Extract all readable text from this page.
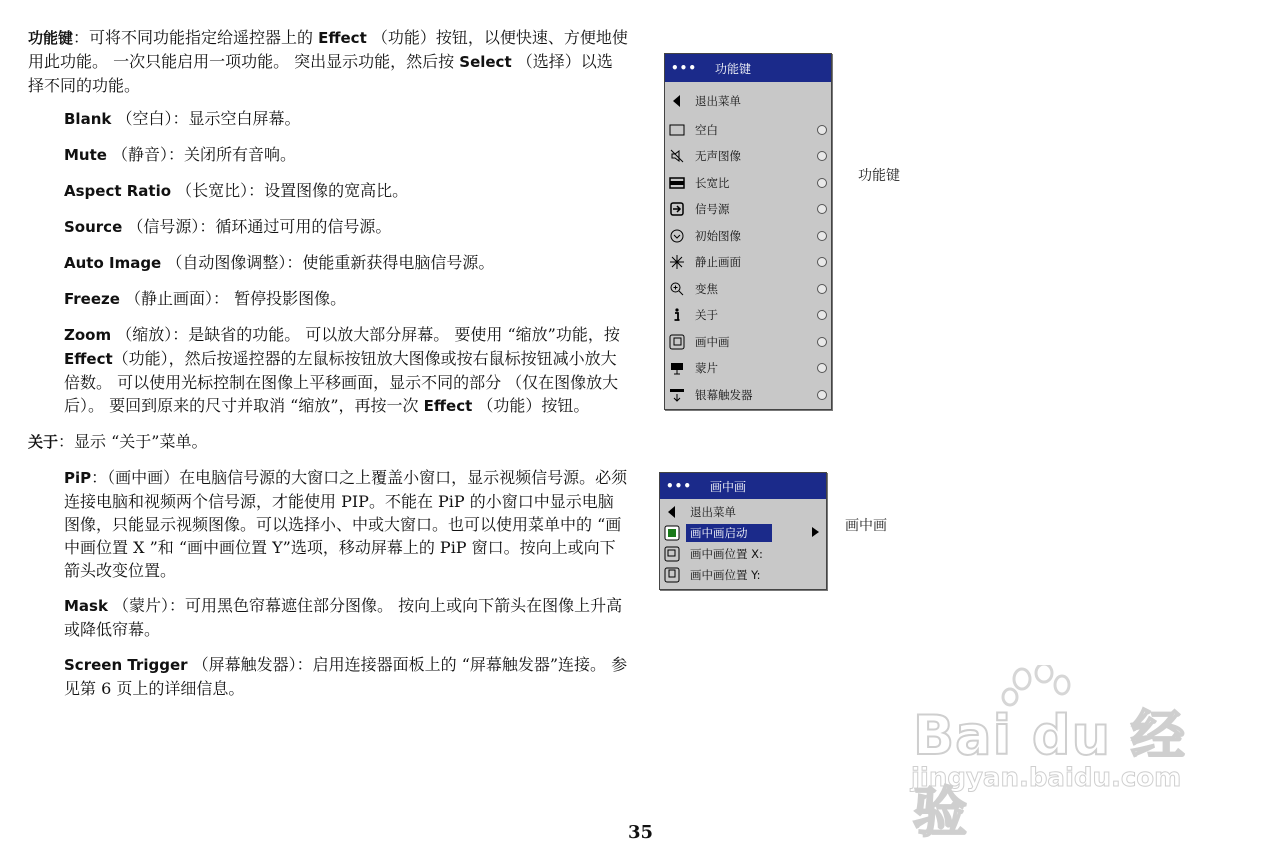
功能键：可将不同功能指定给遥控器上的 Effect （功能）按钮，以便快速、方便地使用此功能。 一次只能启用一项功能。 突出显示功能，然后按 Select （选择）以选择不同的功能。

Blank （空白）：显示空白屏幕。

Mute （静音）：关闭所有音响。

Aspect Ratio （长宽比）：设置图像的宽高比。

Source （信号源）：循环通过可用的信号源。

Auto Image （自动图像调整）：使能重新获得电脑信号源。

Freeze （静止画面）： 暂停投影图像。

Zoom （缩放）：是缺省的功能。 可以放大部分屏幕。 要使用 “缩放”功能，按 Effect（功能），然后按遥控器的左鼠标按钮放大图像或按右鼠标按钮减小放大倍数。 可以使用光标控制在图像上平移画面，显示不同的部分 （仅在图像放大后）。 要回到原来的尺寸并取消 “缩放”，再按一次 Effect （功能）按钮。

关于：显示 “关于”菜单。

PiP：（画中画）在电脑信号源的大窗口之上覆盖小窗口，显示视频信号源。必须连接电脑和视频两个信号源，才能使用 PIP。不能在 PiP 的小窗口中显示电脑图像，只能显示视频图像。可以选择小、中或大窗口。也可以使用菜单中的 “画中画位置 X ”和 “画中画位置 Y”选项，移动屏幕上的 PiP 窗口。按向上或向下箭头改变位置。

Mask （蒙片）：可用黑色帘幕遮住部分图像。 按向上或向下箭头在图像上升高或降低帘幕。

Screen Trigger （屏幕触发器）：启用连接器面板上的 “屏幕触发器”连接。 参见第 6 页上的详细信息。

••• 功能键
退出菜单
空白
无声图像
长宽比
信号源
初始图像
静止画面
变焦
关于
画中画
蒙片
银幕触发器
功能键
••• 画中画
退出菜单
画中画启动
画中画位置 X:
画中画位置 Y:
画中画
Bai du 经验
jingyan.baidu.com
35
